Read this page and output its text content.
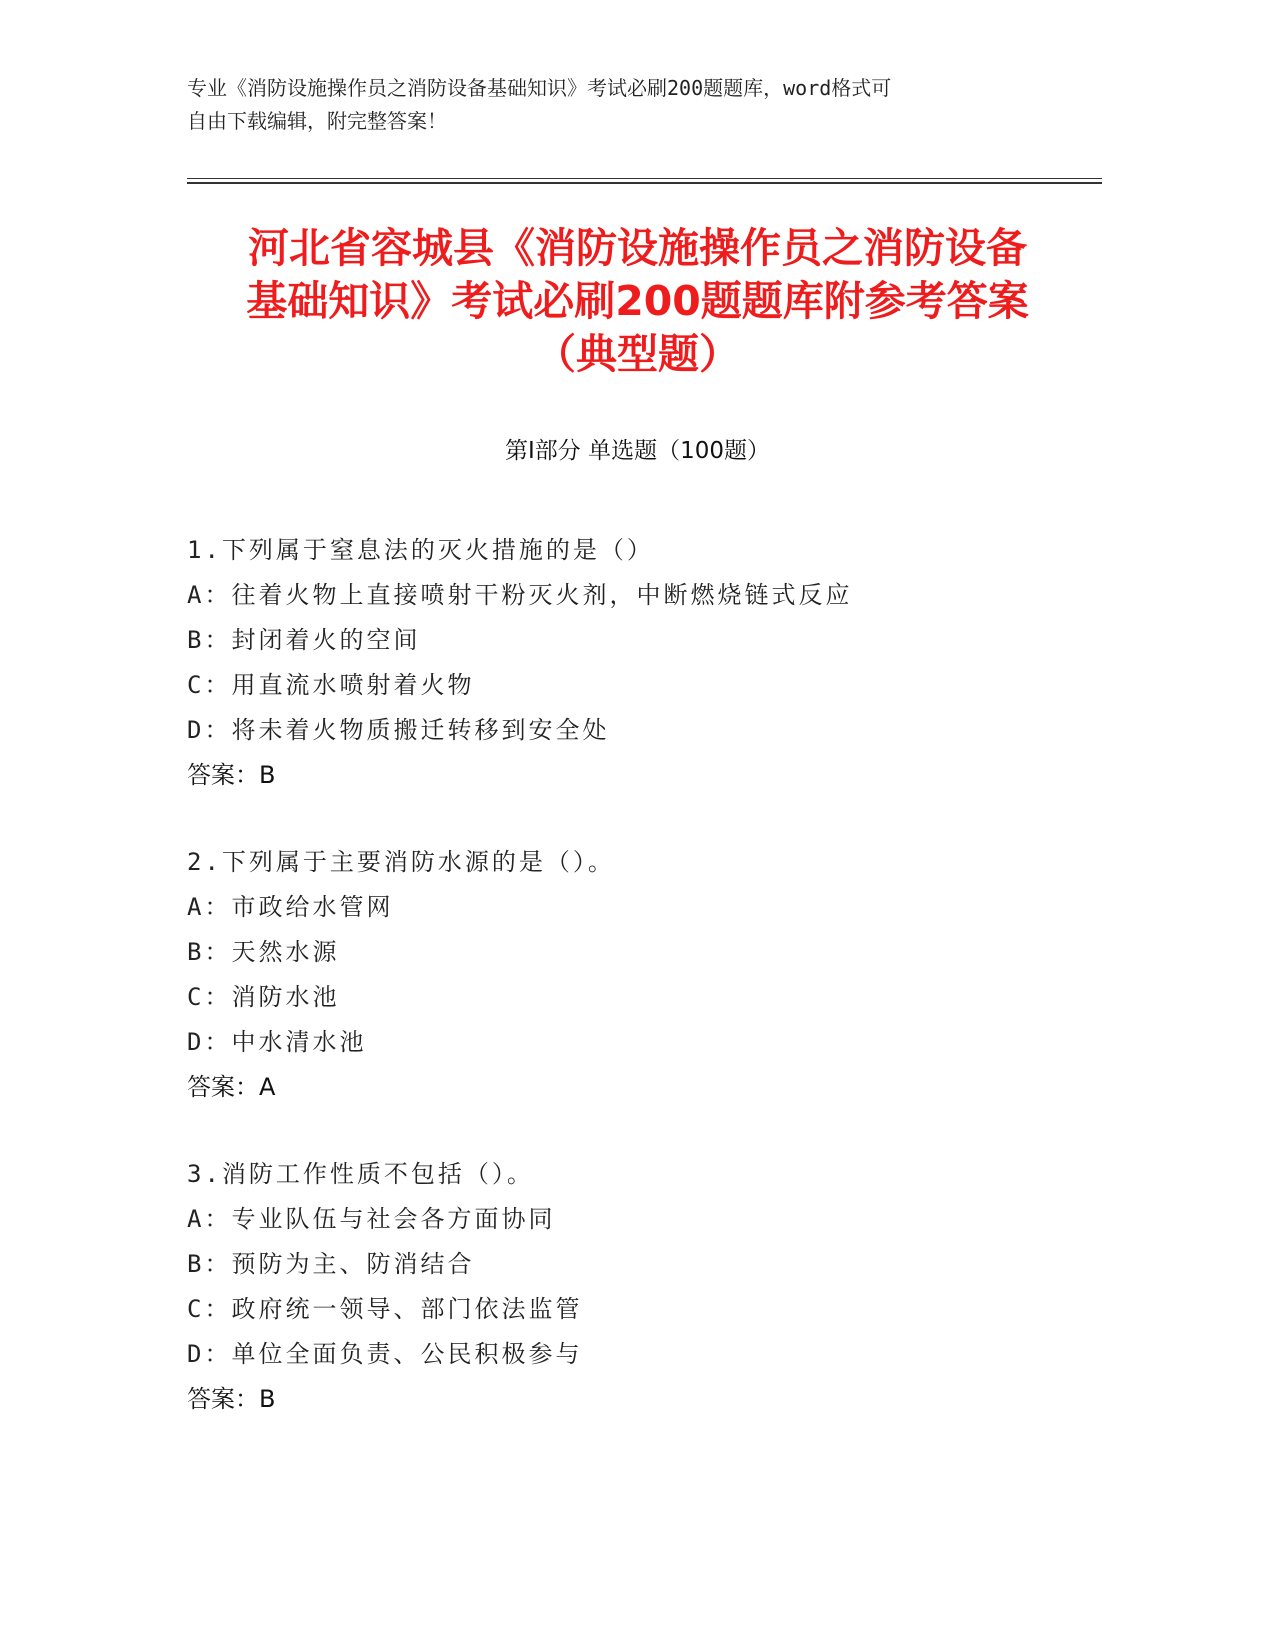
专业《消防设施操作员之消防设备基础知识》考试必刷200题题库，word格式可
自由下载编辑，附完整答案！
河北省容城县《消防设施操作员之消防设备
基础知识》考试必刷200题题库附参考答案
（典型题）
第Ⅰ部分 单选题（100题）
1.下列属于窒息法的灭火措施的是（）
A：往着火物上直接喷射干粉灭火剂，中断燃烧链式反应
B：封闭着火的空间
C：用直流水喷射着火物
D：将未着火物质搬迁转移到安全处
答案：B
2.下列属于主要消防水源的是（）。
A：市政给水管网
B：天然水源
C：消防水池
D：中水清水池
答案：A
3.消防工作性质不包括（）。
A：专业队伍与社会各方面协同
B：预防为主、防消结合
C：政府统一领导、部门依法监管
D：单位全面负责、公民积极参与
答案：B
